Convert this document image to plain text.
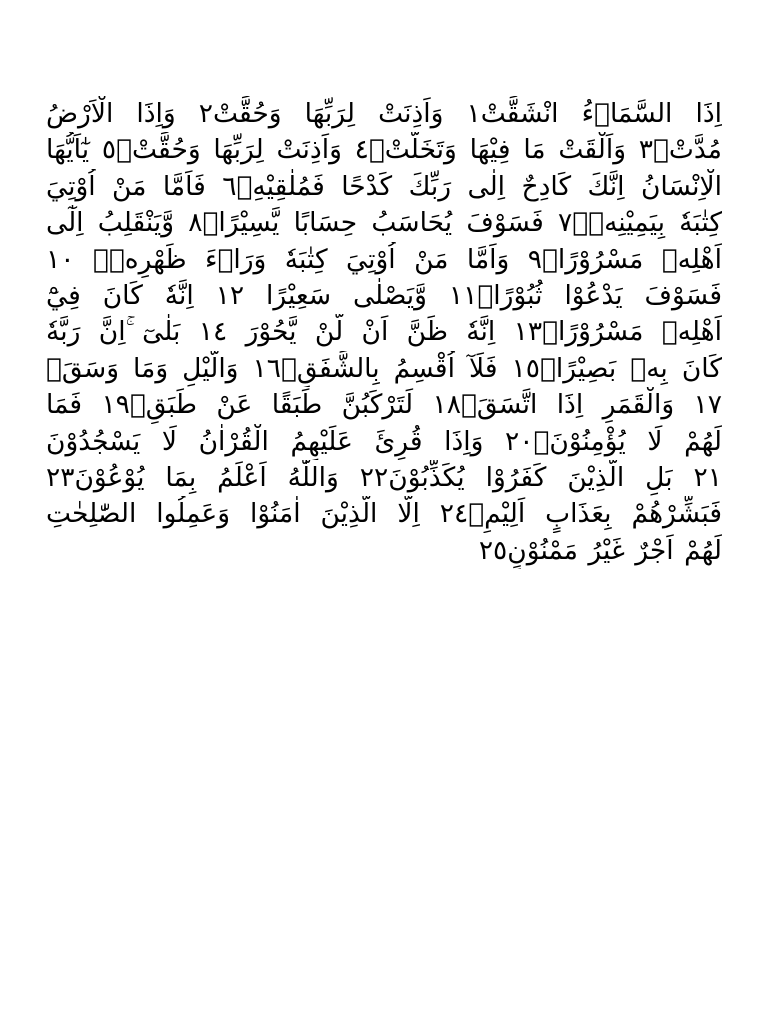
اِذَا السَّمَاۤءُ انْشَقَّتْ١ وَاَذِنَتْ لِرَبِّهَا وَحُقَّتْ٢ وَاِذَا الْاَرْضُ
مُدَّتْۙ٣ وَاَلْقَتْ مَا فِيْهَا وَتَخَلَّتْۙ٤ وَاَذِنَتْ لِرَبِّهَا وَحُقَّتْۗ٥ يٰٓاَيُّهَا
الْاِنْسَانُ اِنَّكَ كَادِحٌ اِلٰى رَبِّكَ كَدْحًا فَمُلٰقِيْهِۚ٦ فَاَمَّا مَنْ اُوْتِيَ
كِتٰبَهٗ بِيَمِيْنِهٖۙ٧ فَسَوْفَ يُحَاسَبُ حِسَابًا يَّسِيْرًاۙ٨ وَّيَنْقَلِبُ اِلٰٓى
اَهْلِهٖ مَسْرُوْرًاۗ٩ وَاَمَّا مَنْ اُوْتِيَ كِتٰبَهٗ وَرَاۤءَ ظَهْرِهٖۙ ١٠
فَسَوْفَ يَدْعُوْا ثُبُوْرًاۙ١١ وَّيَصْلٰى سَعِيْرًا ١٢ اِنَّهٗ كَانَ فِيْٓ
اَهْلِهٖ مَسْرُوْرًاۗ١٣ اِنَّهٗ ظَنَّ اَنْ لَّنْ يَّحُوْرَ ١٤ بَلٰىٓ ۚاِنَّ رَبَّهٗ
كَانَ بِهٖ بَصِيْرًاۗ١٥ فَلَآ اُقْسِمُ بِالشَّفَقِۙ١٦ وَالَّيْلِ وَمَا وَسَقَۙ
١٧ وَالْقَمَرِ اِذَا اتَّسَقَۙ١٨ لَتَرْكَبُنَّ طَبَقًا عَنْ طَبَقٍۗ١٩ فَمَا
لَهُمْ لَا يُؤْمِنُوْنَۙ٢٠ وَاِذَا قُرِئَ عَلَيْهِمُ الْقُرْاٰنُ لَا يَسْجُدُوْنَ
٢١ بَلِ الَّذِيْنَ كَفَرُوْا يُكَذِّبُوْنَ٢٢ وَاللّٰهُ اَعْلَمُ بِمَا يُوْعُوْنَ٢٣
فَبَشِّرْهُمْ بِعَذَابٍ اَلِيْمٍۙ٢٤ اِلَّا الَّذِيْنَ اٰمَنُوْا وَعَمِلُوا الصّٰلِحٰتِ
لَهُمْ اَجْرٌ غَيْرُ مَمْنُوْنٍ٢٥
